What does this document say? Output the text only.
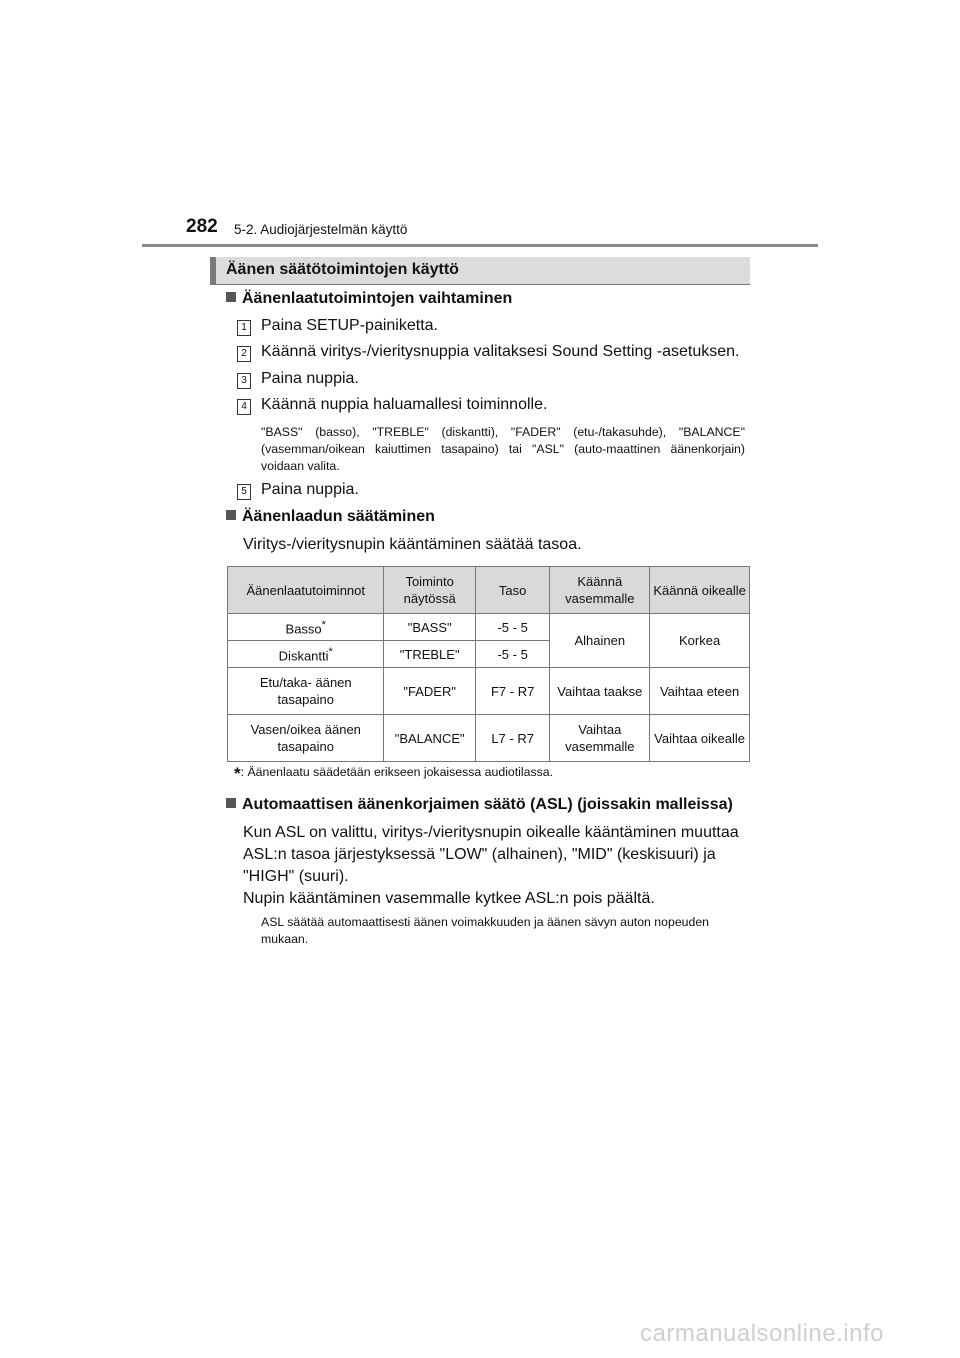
282 5-2. Audiojärjestelmän käyttö
Äänen säätötoimintojen käyttö
Äänenlaatutoimintojen vaihtaminen
1 Paina SETUP-painiketta.
2 Käännä viritys-/vieritysnuppia valitaksesi Sound Setting -asetuksen.
3 Paina nuppia.
4 Käännä nuppia haluamallesi toiminnolle.
"BASS" (basso), "TREBLE" (diskantti), "FADER" (etu-/takasuhde), "BALANCE" (vasemman/oikean kaiuttimen tasapaino) tai "ASL" (auto-maattinen äänenkorjain) voidaan valita.
5 Paina nuppia.
Äänenlaadun säätäminen
Viritys-/vieritysnupin kääntäminen säätää tasoa.
Äänenlaatutoiminnot	Toiminto näytössä	Taso	Käännä vasemmalle	Käännä oikealle
Basso*	"BASS"	-5 - 5	Alhainen	Korkea
Diskantti*	"TREBLE"	-5 - 5		
Etu/taka- äänen tasapaino	"FADER"	F7 - R7	Vaihtaa taakse	Vaihtaa eteen
Vasen/oikea äänen tasapaino	"BALANCE"	L7 - R7	Vaihtaa vasemmalle	Vaihtaa oikealle
*: Äänenlaatu säädetään erikseen jokaisessa audiotilassa.
Automaattisen äänenkorjaimen säätö (ASL) (joissakin malleissa)
Kun ASL on valittu, viritys-/vieritysnupin oikealle kääntäminen muuttaa
ASL:n tasoa järjestyksessä "LOW" (alhainen), "MID" (keskisuuri) ja
"HIGH" (suuri).
Nupin kääntäminen vasemmalle kytkee ASL:n pois päältä.
ASL säätää automaattisesti äänen voimakkuuden ja äänen sävyn auton nopeuden mukaan.
carmanualsonline.info
